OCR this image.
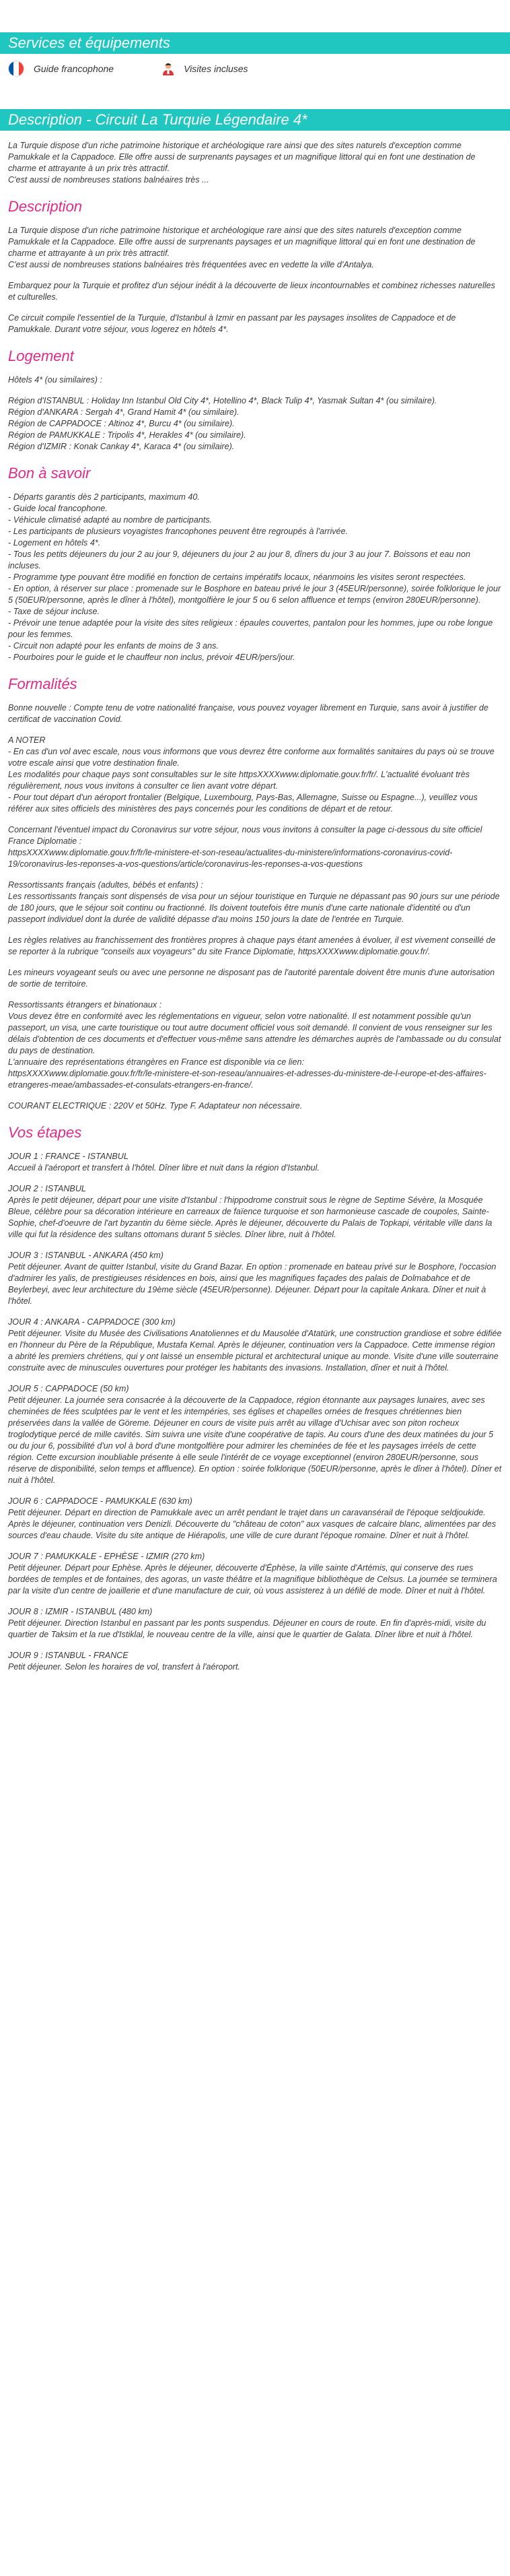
Services et équipements
Guide francophone	Visites incluses
Description - Circuit La Turquie Légendaire 4*

La Turquie dispose d'un riche patrimoine historique et archéologique rare ainsi que des sites naturels d'exception comme Pamukkale et la Cappadoce. Elle offre aussi de surprenants paysages et un magnifique littoral qui en font une destination de charme et attrayante à un prix très attractif.

C'est aussi de nombreuses stations balnéaires très ...

Description

La Turquie dispose d'un riche patrimoine historique et archéologique rare ainsi que des sites naturels d'exception comme Pamukkale et la Cappadoce. Elle offre aussi de surprenants paysages et un magnifique littoral qui en font une destination de charme et attrayante à un prix très attractif.

C'est aussi de nombreuses stations balnéaires très fréquentées avec en vedette la ville d'Antalya.

Embarquez pour la Turquie et profitez d'un séjour inédit à la découverte de lieux incontournables et combinez richesses naturelles et culturelles.

Ce circuit compile l'essentiel de la Turquie, d'Istanbul à Izmir en passant par les paysages insolites de Cappadoce et de Pamukkale. Durant votre séjour, vous logerez en hôtels 4*.

Logement

Hôtels 4* (ou similaires) :

Région d'ISTANBUL : Holiday Inn Istanbul Old City 4*, Hotellino 4*, Black Tulip 4*, Yasmak Sultan 4* (ou similaire).

Région d'ANKARA : Sergah 4*, Grand Hamit 4* (ou similaire).

Région de CAPPADOCE : Altinoz 4*, Burcu 4* (ou similaire).

Région de PAMUKKALE : Tripolis 4*, Herakles 4* (ou similaire).

Région d'IZMIR : Konak Cankay 4*, Karaca 4* (ou similaire).

Bon à savoir

- Départs garantis dès 2 participants, maximum 40.

- Guide local francophone.

- Véhicule climatisé adapté au nombre de participants.

- Les participants de plusieurs voyagistes francophones peuvent être regroupés à l'arrivée.

- Logement en hôtels 4*.

- Tous les petits déjeuners du jour 2 au jour 9, déjeuners du jour 2 au jour 8, dîners du jour 3 au jour 7. Boissons et eau non incluses.

- Programme type pouvant être modifié en fonction de certains impératifs locaux, néanmoins les visites seront respectées.

- En option, à réserver sur place : promenade sur le Bosphore en bateau privé le jour 3 (45EUR/personne), soirée folklorique le jour 5 (50EUR/personne, après le dîner à l'hôtel), montgolfière le jour 5 ou 6 selon affluence et temps (environ 280EUR/personne).

- Taxe de séjour incluse.

- Prévoir une tenue adaptée pour la visite des sites religieux : épaules couvertes, pantalon pour les hommes, jupe ou robe longue pour les femmes.

- Circuit non adapté pour les enfants de moins de 3 ans.

- Pourboires pour le guide et le chauffeur non inclus, prévoir 4EUR/pers/jour.

Formalités

Bonne nouvelle : Compte tenu de votre nationalité française, vous pouvez voyager librement en Turquie, sans avoir à justifier de certificat de vaccination Covid.

A NOTER

- En cas d'un vol avec escale, nous vous informons que vous devrez être conforme aux formalités sanitaires du pays où se trouve votre escale ainsi que votre destination finale.

Les modalités pour chaque pays sont consultables sur le site httpsXXXXwww.diplomatie.gouv.fr/fr/. L'actualité évoluant très régulièrement, nous vous invitons à consulter ce lien avant votre départ.

- Pour tout départ d'un aéroport frontalier (Belgique, Luxembourg, Pays-Bas, Allemagne, Suisse ou Espagne...), veuillez vous référer aux sites officiels des ministères des pays concernés pour les conditions de départ et de retour.

Concernant l'éventuel impact du Coronavirus sur votre séjour, nous vous invitons à consulter la page ci-dessous du site officiel France Diplomatie :

httpsXXXXwww.diplomatie.gouv.fr/fr/le-ministere-et-son-reseau/actualites-du-ministere/informations-coronavirus-covid-19/coronavirus-les-reponses-a-vos-questions/article/coronavirus-les-reponses-a-vos-questions

Ressortissants français (adultes, bébés et enfants) :

Les ressortissants français sont dispensés de visa pour un séjour touristique en Turquie ne dépassant pas 90 jours sur une période de 180 jours, que le séjour soit continu ou fractionné. Ils doivent toutefois être munis d'une carte nationale d'identité ou d'un passeport individuel dont la durée de validité dépasse d'au moins 150 jours la date de l'entrée en Turquie.

Les règles relatives au franchissement des frontières propres à chaque pays étant amenées à évoluer, il est vivement conseillé de se reporter à la rubrique "conseils aux voyageurs" du site France Diplomatie, httpsXXXXwww.diplomatie.gouv.fr/.

Les mineurs voyageant seuls ou avec une personne ne disposant pas de l'autorité parentale doivent être munis d'une autorisation de sortie de territoire.

Ressortissants étrangers et binationaux :

Vous devez être en conformité avec les réglementations en vigueur, selon votre nationalité. Il est notamment possible qu'un passeport, un visa, une carte touristique ou tout autre document officiel vous soit demandé. Il convient de vous renseigner sur les délais d'obtention de ces documents et d'effectuer vous-même sans attendre les démarches auprès de l'ambassade ou du consulat du pays de destination.

L'annuaire des représentations étrangères en France est disponible via ce lien:

httpsXXXXwww.diplomatie.gouv.fr/fr/le-ministere-et-son-reseau/annuaires-et-adresses-du-ministere-de-l-europe-et-des-affaires-etrangeres-meae/ambassades-et-consulats-etrangers-en-france/.

COURANT ELECTRIQUE : 220V et 50Hz. Type F. Adaptateur non nécessaire.

Vos étapes

JOUR 1 : FRANCE - ISTANBUL

Accueil à l'aéroport et transfert à l'hôtel. Dîner libre et nuit dans la région d'Istanbul.

JOUR 2 : ISTANBUL

Après le petit déjeuner, départ pour une visite d'Istanbul : l'hippodrome construit sous le règne de Septime Sévère, la Mosquée Bleue, célèbre pour sa décoration intérieure en carreaux de faïence turquoise et son harmonieuse cascade de coupoles, Sainte-Sophie, chef-d'oeuvre de l'art byzantin du 6ème siècle. Après le déjeuner, découverte du Palais de Topkapi, véritable ville dans la ville qui fut la résidence des sultans ottomans durant 5 siècles. Dîner libre, nuit à l'hôtel.

JOUR 3 : ISTANBUL - ANKARA (450 km)

Petit déjeuner. Avant de quitter Istanbul, visite du Grand Bazar. En option : promenade en bateau privé sur le Bosphore, l'occasion d'admirer les yalis, de prestigieuses résidences en bois, ainsi que les magnifiques façades des palais de Dolmabahce et de Beylerbeyi, avec leur architecture du 19ème siècle (45EUR/personne). Déjeuner. Départ pour la capitale Ankara. Dîner et nuit à l'hôtel.

JOUR 4 : ANKARA - CAPPADOCE (300 km)

Petit déjeuner. Visite du Musée des Civilisations Anatoliennes et du Mausolée d'Atatürk, une construction grandiose et sobre édifiée en l'honneur du Père de la République, Mustafa Kemal. Après le déjeuner, continuation vers la Cappadoce. Cette immense région a abrité les premiers chrétiens, qui y ont laissé un ensemble pictural et architectural unique au monde. Visite d'une ville souterraine construite avec de minuscules ouvertures pour protéger les habitants des invasions. Installation, dîner et nuit à l'hôtel.

JOUR 5 : CAPPADOCE (50 km)

Petit déjeuner. La journée sera consacrée à la découverte de la Cappadoce, région étonnante aux paysages lunaires, avec ses cheminées de fées sculptées par le vent et les intempéries, ses églises et chapelles ornées de fresques chrétiennes bien préservées dans la vallée de Göreme. Déjeuner en cours de visite puis arrêt au village d'Uchisar avec son piton rocheux troglodytique percé de mille cavités. Sim suivra une visite d'une coopérative de tapis. Au cours d'une des deux matinées du jour 5 ou du jour 6, possibilité d'un vol à bord d'une montgolfière pour admirer les cheminées de fée et les paysages irréels de cette région. Cette excursion inoubliable présente à elle seule l'intérêt de ce voyage exceptionnel (environ 280EUR/personne, sous réserve de disponibilité, selon temps et affluence). En option : soirée folklorique (50EUR/personne, après le dîner à l'hôtel). Dîner et nuit à l'hôtel.

JOUR 6 : CAPPADOCE - PAMUKKALE (630 km)

Petit déjeuner. Départ en direction de Pamukkale avec un arrêt pendant le trajet dans un caravansérail de l'époque seldjoukide. Après le déjeuner, continuation vers Denizli. Découverte du "château de coton" aux vasques de calcaire blanc, alimentées par des sources d'eau chaude. Visite du site antique de Hiérapolis, une ville de cure durant l'époque romaine. Dîner et nuit à l'hôtel.

JOUR 7 : PAMUKKALE - EPHÈSE - IZMIR (270 km)

Petit déjeuner. Départ pour Ephèse. Après le déjeuner, découverte d'Éphèse, la ville sainte d'Artémis, qui conserve des rues bordées de temples et de fontaines, des agoras, un vaste théâtre et la magnifique bibliothèque de Celsus. La journée se terminera par la visite d'un centre de joaillerie et d'une manufacture de cuir, où vous assisterez à un défilé de mode. Dîner et nuit à l'hôtel.

JOUR 8 : IZMIR - ISTANBUL (480 km)

Petit déjeuner. Direction Istanbul en passant par les ponts suspendus. Déjeuner en cours de route. En fin d'après-midi, visite du quartier de Taksim et la rue d'Istiklal, le nouveau centre de la ville, ainsi que le quartier de Galata. Dîner libre et nuit à l'hôtel.

JOUR 9 : ISTANBUL - FRANCE

Petit déjeuner. Selon les horaires de vol, transfert à l'aéroport.
